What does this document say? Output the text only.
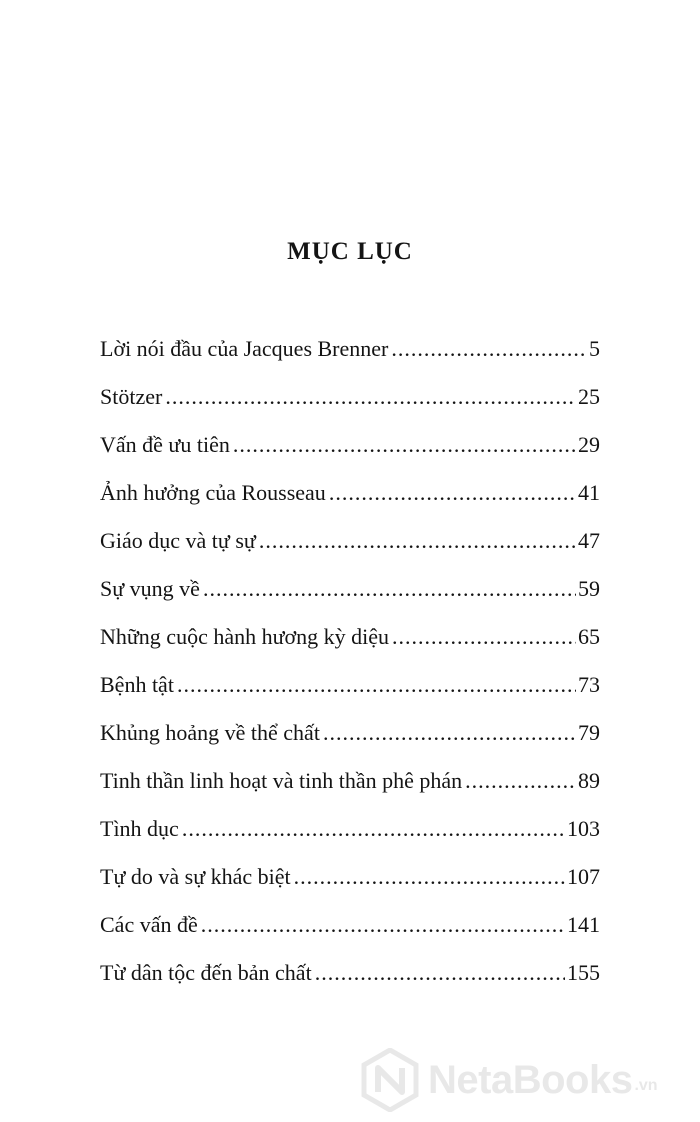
MỤC LỤC
Lời nói đầu của Jacques Brenner .....	5
Stötzer .....	25
Vấn đề ưu tiên .....	29
Ảnh hưởng của Rousseau .....	41
Giáo dục và tự sự .....	47
Sự vụng về .....	59
Những cuộc hành hương kỳ diệu .....	65
Bệnh tật .....	73
Khủng hoảng về thể chất .....	79
Tinh thần linh hoạt và tinh thần phê phán .....	89
Tình dục .....	103
Tự do và sự khác biệt .....	107
Các vấn đề .....	141
Từ dân tộc đến bản chất .....	155
NetaBooks .vn
